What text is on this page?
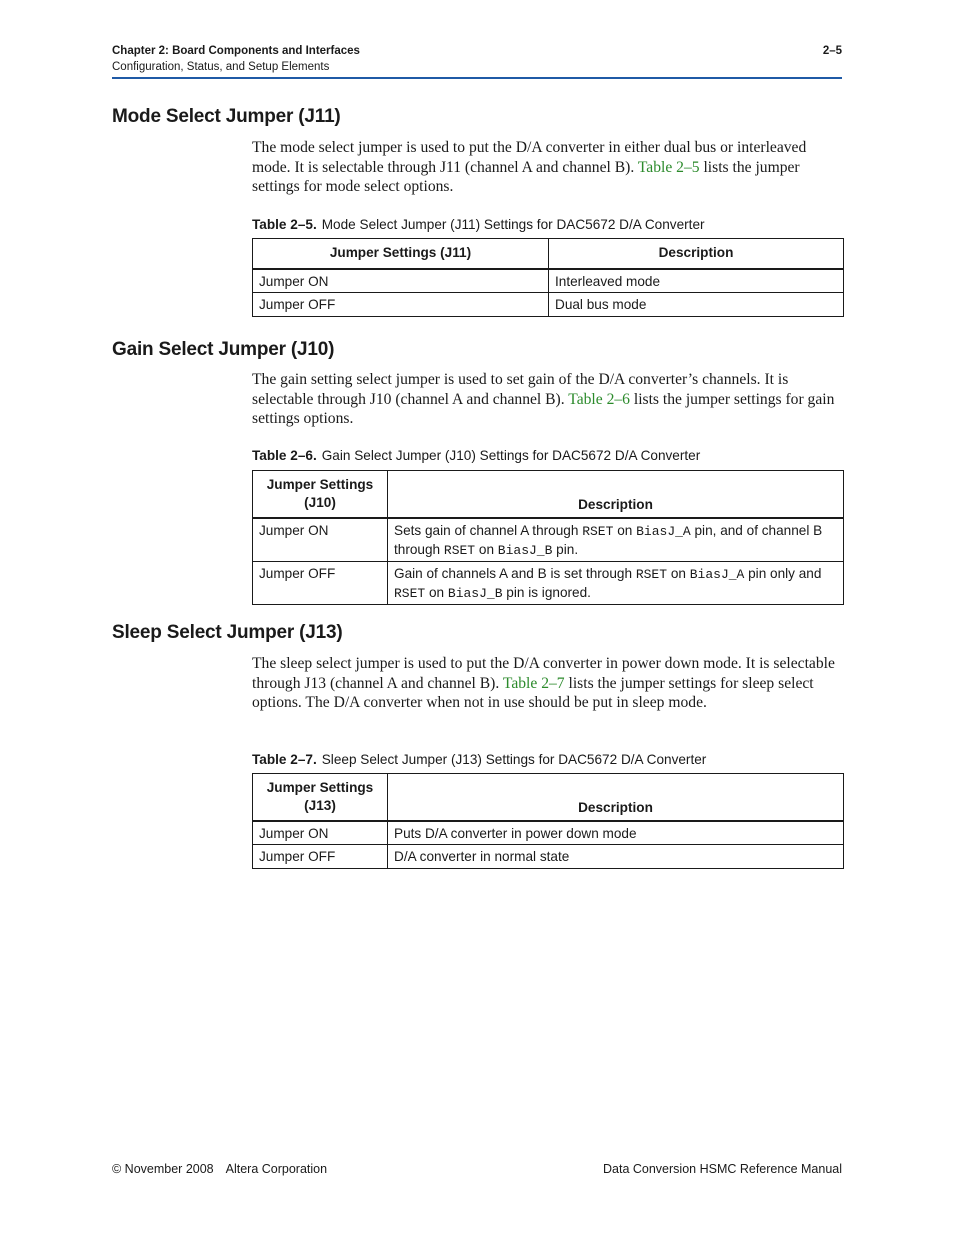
Chapter 2: Board Components and Interfaces
Configuration, Status, and Setup Elements
2–5
Mode Select Jumper (J11)

The mode select jumper is used to put the D/A converter in either dual bus or interleaved mode. It is selectable through J11 (channel A and channel B). Table 2–5 lists the jumper settings for mode select options.

Table 2–5. Mode Select Jumper (J11) Settings for DAC5672 D/A Converter
Jumper Settings (J11)	Description
Jumper ON	Interleaved mode
Jumper OFF	Dual bus mode
Gain Select Jumper (J10)

The gain setting select jumper is used to set gain of the D/A converter’s channels. It is selectable through J10 (channel A and channel B). Table 2–6 lists the jumper settings for gain settings options.

Table 2–6. Gain Select Jumper (J10) Settings for DAC5672 D/A Converter
Jumper Settings
(J10)	Description
Jumper ON	Sets gain of channel A through RSET on BiasJ_A pin, and of channel B through RSET on BiasJ_B pin.
Jumper OFF	Gain of channels A and B is set through RSET on BiasJ_A pin only and RSET on BiasJ_B pin is ignored.
Sleep Select Jumper (J13)

The sleep select jumper is used to put the D/A converter in power down mode. It is selectable through J13 (channel A and channel B). Table 2–7 lists the jumper settings for sleep select options. The D/A converter when not in use should be put in sleep mode.

Table 2–7. Sleep Select Jumper (J13) Settings for DAC5672 D/A Converter
Jumper Settings
(J13)	Description
Jumper ON	Puts D/A converter in power down mode
Jumper OFF	D/A converter in normal state
© November 2008 Altera Corporation	Data Conversion HSMC Reference Manual
